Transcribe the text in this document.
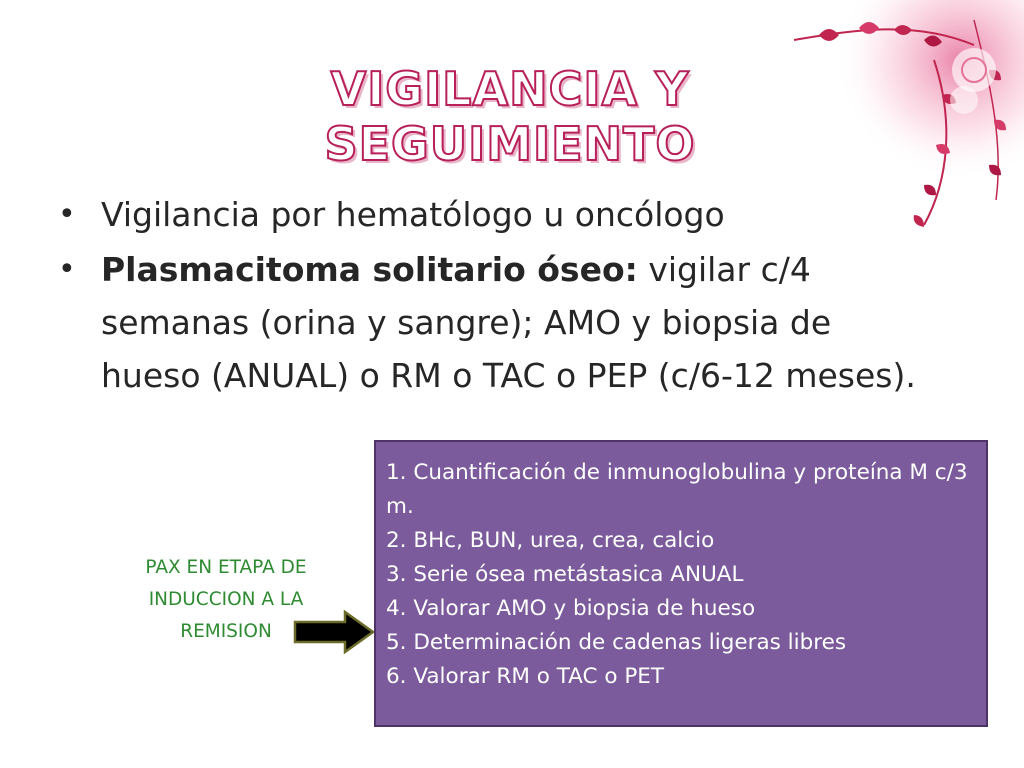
VIGILANCIA Y SEGUIMIENTO
• Vigilancia por hematólogo u oncólogo
• Plasmacitoma solitario óseo: vigilar c/4 semanas (orina y sangre); AMO y biopsia de hueso (ANUAL) o RM o TAC o PEP (c/6-12 meses).
PAX EN ETAPA DE
INDUCCION A LA
REMISION
1. Cuantificación de inmunoglobulina y proteína M c/3 m.
2. BHc, BUN, urea, crea, calcio
3. Serie ósea metástasica ANUAL
4. Valorar AMO y biopsia de hueso
5. Determinación de cadenas ligeras libres
6. Valorar RM o TAC o PET
